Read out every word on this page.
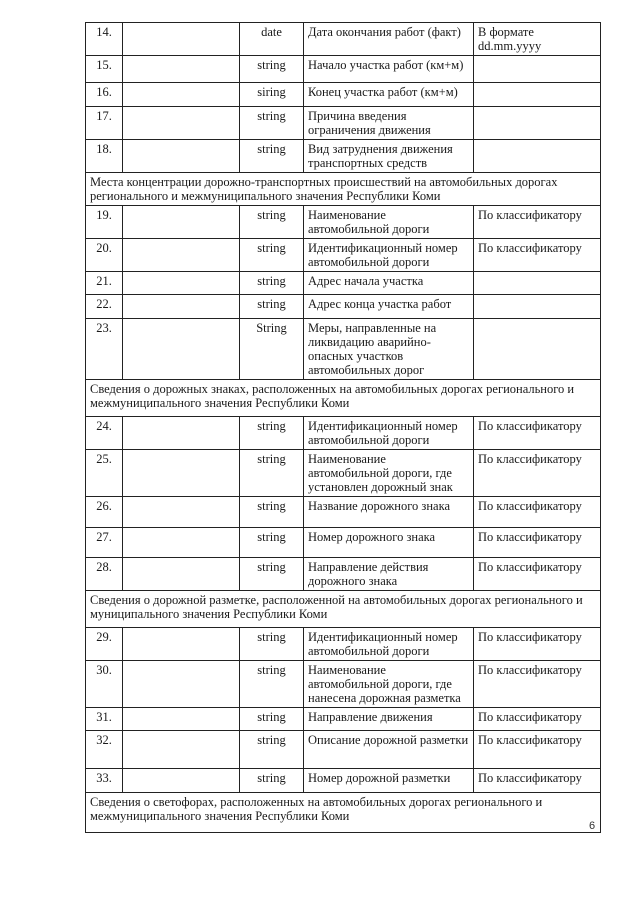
14.		date	Дата окончания работ (факт)	В формате dd.mm.yyyy
15.		string	Начало участка работ (км+м)	
16.		siring	Конец участка работ (км+м)	
17.		string	Причина введения ограничения движения	
18.		string	Вид затруднения движения транспортных средств	
Места концентрации дорожно-транспортных происшествий на автомобильных дорогах регионального и межмуниципального значения Республики Коми				
19.		string	Наименование автомобильной дороги	По классификатору
20.		string	Идентификационный номер автомобильной дороги	По классификатору
21.		string	Адрес начала участка	
22.		string	Адрес конца участка работ	
23.		String	Меры, направленные на ликвидацию аварийно-опасных участков автомобильных дорог	
Сведения о дорожных знаках, расположенных на автомобильных дорогах регионального и межмуниципального значения Республики Коми				
24.		string	Идентификационный номер автомобильной дороги	По классификатору
25.		string	Наименование автомобильной дороги, где установлен дорожный знак	По классификатору
26.		string	Название дорожного знака	По классификатору
27.		string	Номер дорожного знака	По классификатору
28.		string	Направление действия дорожного знака	По классификатору
Сведения о дорожной разметке, расположенной на автомобильных дорогах регионального и муниципального значения Республики Коми				
29.		string	Идентификационный номер автомобильной дороги	По классификатору
30.		string	Наименование автомобильной дороги, где нанесена дорожная разметка	По классификатору
31.		string	Направление движения	По классификатору
32.		string	Описание дорожной разметки	По классификатору
33.		string	Номер дорожной разметки	По классификатору
Сведения о светофорах, расположенных на автомобильных дорогах регионального и межмуниципального значения Республики Коми				
6
